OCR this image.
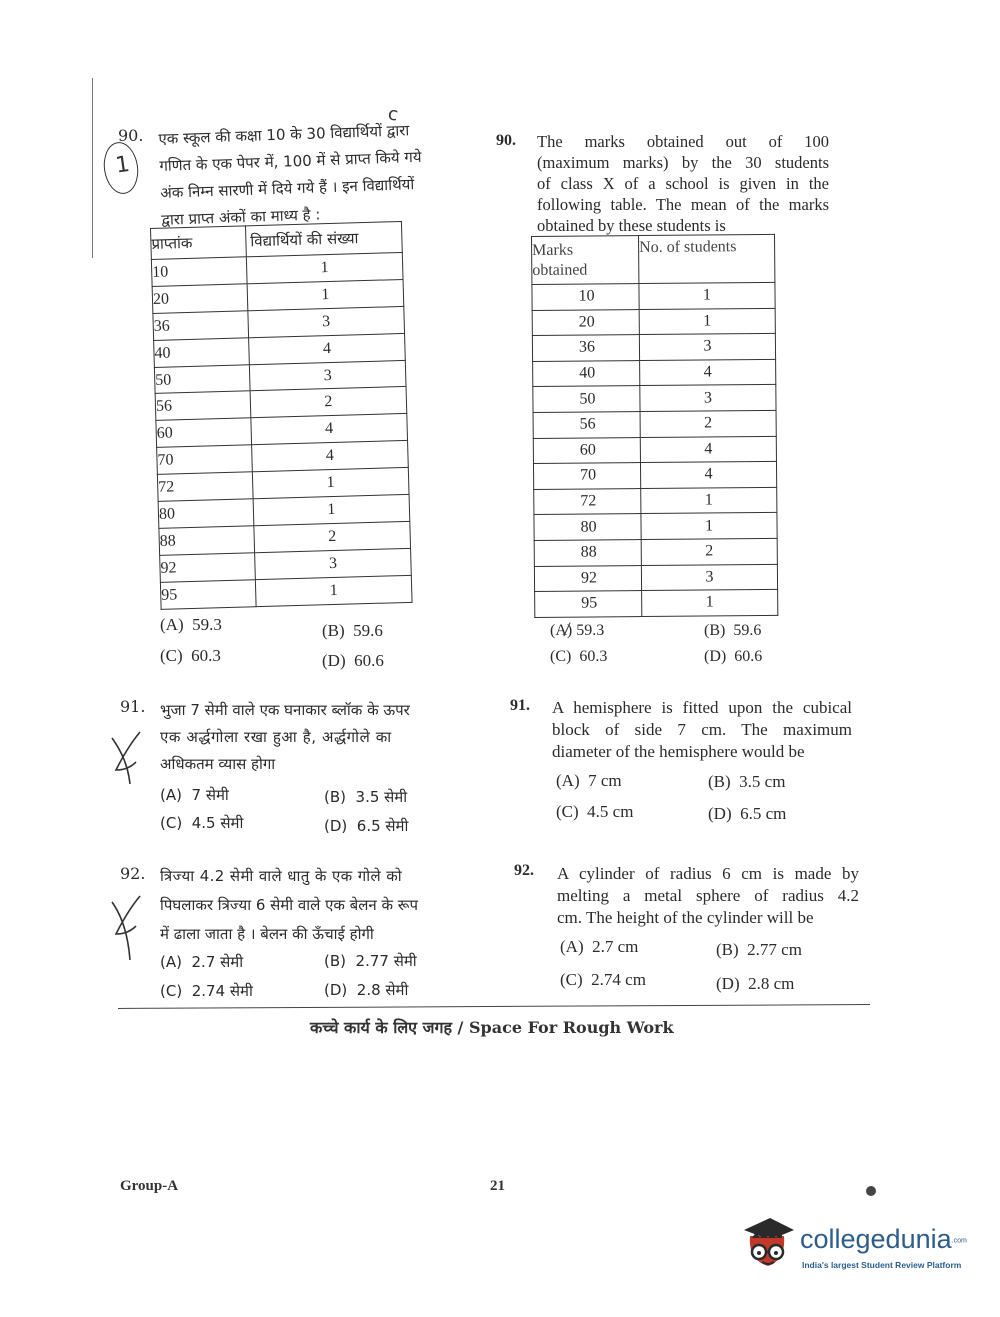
c
90.
1
एक स्कूल की कक्षा 10 के 30 विद्यार्थियों द्वारा
गणित के एक पेपर में, 100 में से प्राप्त किये गये
अंक निम्न सारणी में दिये गये हैं । इन विद्यार्थियों
द्वारा प्राप्त अंकों का माध्य है :
प्राप्तांक	विद्यार्थियों की संख्या
10	1
20	1
36	3
40	4
50	3
56	2
60	4
70	4
72	1
80	1
88	2
92	3
95	1
(A) 59.3	(B) 59.6
(C) 60.3	(D) 60.6
90. The marks obtained out of 100
(maximum marks) by the 30 students
of class X of a school is given in the
following table. The mean of the marks
obtained by these students is
Marks obtained	No. of students
10	1
20	1
36	3
40	4
50	3
56	2
60	4
70	4
72	1
80	1
88	2
92	3
95	1
(A) 59.3	(B) 59.6
(C) 60.3	(D) 60.6
91. भुजा 7 सेमी वाले एक घनाकार ब्लॉक के ऊपर
एक अर्द्धगोला रखा हुआ है, अर्द्धगोले का
अधिकतम व्यास होगा
(A)  7 सेमी	(B)  3.5 सेमी
(C)  4.5 सेमी	(D)  6.5 सेमी
91. A hemisphere is fitted upon the cubical
block of side 7 cm. The maximum
diameter of the hemisphere would be
(A)  7 cm	(B)  3.5 cm
(C)  4.5 cm	(D)  6.5 cm
92. त्रिज्या 4.2 सेमी वाले धातु के एक गोले को
पिघलाकर त्रिज्या 6 सेमी वाले एक बेलन के रूप
में ढाला जाता है । बेलन की ऊँचाई होगी
(A)  2.7 सेमी	(B)  2.77 सेमी
(C)  2.74 सेमी	(D)  2.8 सेमी
92. A cylinder of radius 6 cm is made by
melting a metal sphere of radius 4.2
cm. The height of the cylinder will be
(A)  2.7 cm	(B)  2.77 cm
(C)  2.74 cm	(D)  2.8 cm
कच्चे कार्य के लिए जगह / Space For Rough Work
Group-A	21
collegedunia.com
India's largest Student Review Platform
